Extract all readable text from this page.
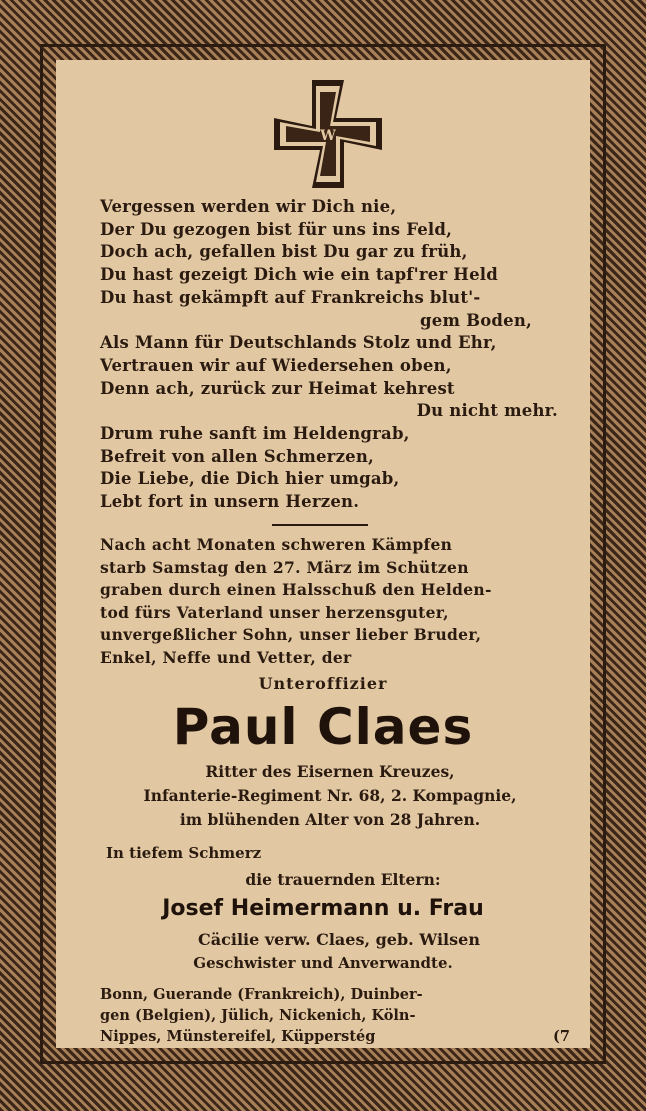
W
Vergessen werden wir Dich nie,
Der Du gezogen bist für uns ins Feld,
Doch ach, gefallen bist Du gar zu früh,
Du hast gezeigt Dich wie ein tapf'rer Held
Du hast gekämpft auf Frankreichs blut'-
gem Boden,
Als Mann für Deutschlands Stolz und Ehr,
Vertrauen wir auf Wiedersehen oben,
Denn ach, zurück zur Heimat kehrest
Du nicht mehr.
Drum ruhe sanft im Heldengrab,
Befreit von allen Schmerzen,
Die Liebe, die Dich hier umgab,
Lebt fort in unsern Herzen.
Nach acht Monaten schweren Kämpfen
starb Samstag den 27. März im Schützen
graben durch einen Halsschuß den Helden-
tod fürs Vaterland unser herzensguter,
unvergeßlicher Sohn, unser lieber Bruder,
Enkel, Neffe und Vetter, der
Unteroffizier
Paul Claes
Ritter des Eisernen Kreuzes,
Infanterie-Regiment Nr. 68, 2. Kompagnie,
im blühenden Alter von 28 Jahren.
In tiefem Schmerz
die trauernden Eltern:
Josef Heimermann u. Frau
Cäcilie verw. Claes, geb. Wilsen
Geschwister und Anverwandte.
Bonn, Guerande (Frankreich), Duinber-
gen (Belgien), Jülich, Nickenich, Köln-
Nippes, Münstereifel, Küpperstég	(7
